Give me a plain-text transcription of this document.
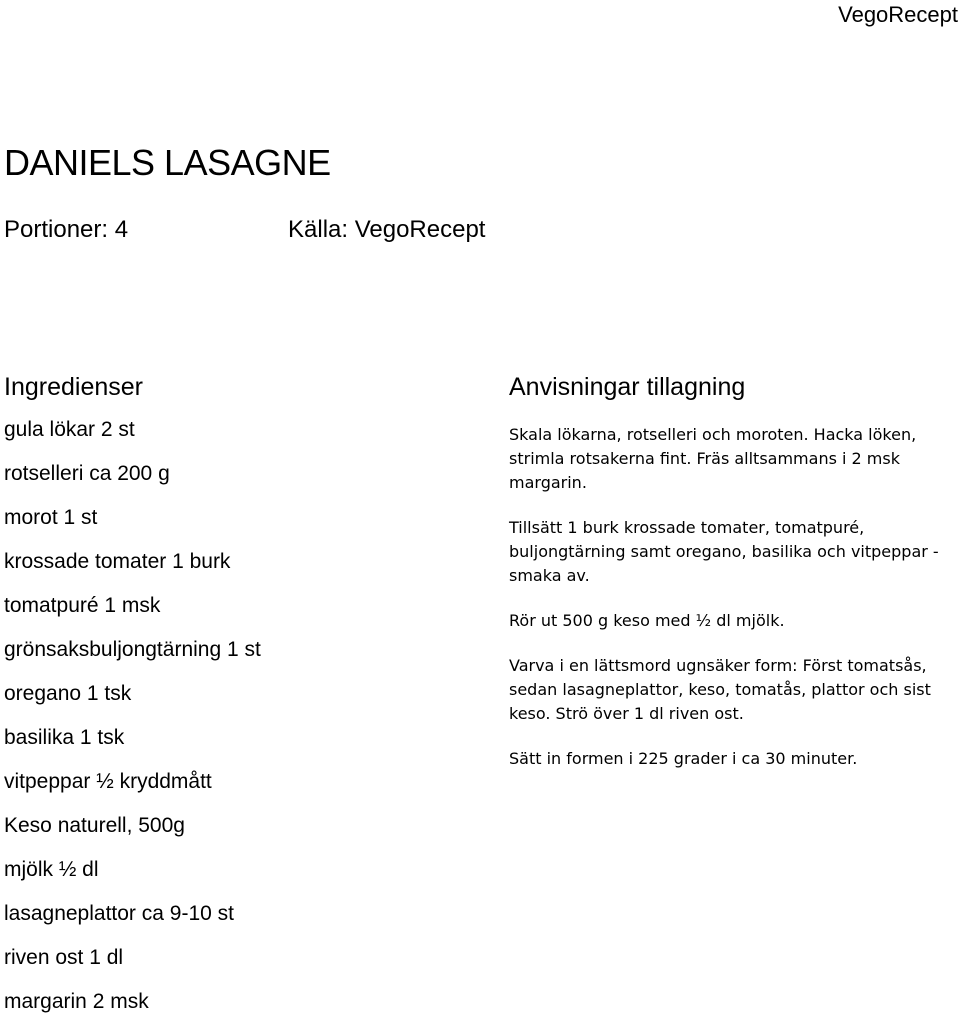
VegoRecept
DANIELS LASAGNE
Portioner: 4	Källa: VegoRecept
Ingredienser
gula lökar 2 st
rotselleri ca 200 g
morot 1 st
krossade tomater 1 burk
tomatpuré 1 msk
grönsaksbuljongtärning 1 st
oregano 1 tsk
basilika 1 tsk
vitpeppar ½ kryddmått
Keso naturell, 500g
mjölk ½ dl
lasagneplattor ca 9-10 st
riven ost 1 dl
margarin 2 msk
Anvisningar tillagning

Skala lökarna, rotselleri och moroten. Hacka löken, strimla rotsakerna fint. Fräs alltsammans i 2 msk margarin.

Tillsätt 1 burk krossade tomater, tomatpuré, buljongtärning samt oregano, basilika och vitpeppar - smaka av.

Rör ut 500 g keso med ½ dl mjölk.

Varva i en lättsmord ugnsäker form: Först tomatsås, sedan lasagneplattor, keso, tomatås, plattor och sist keso. Strö över 1 dl riven ost.

Sätt in formen i 225 grader i ca 30 minuter.
